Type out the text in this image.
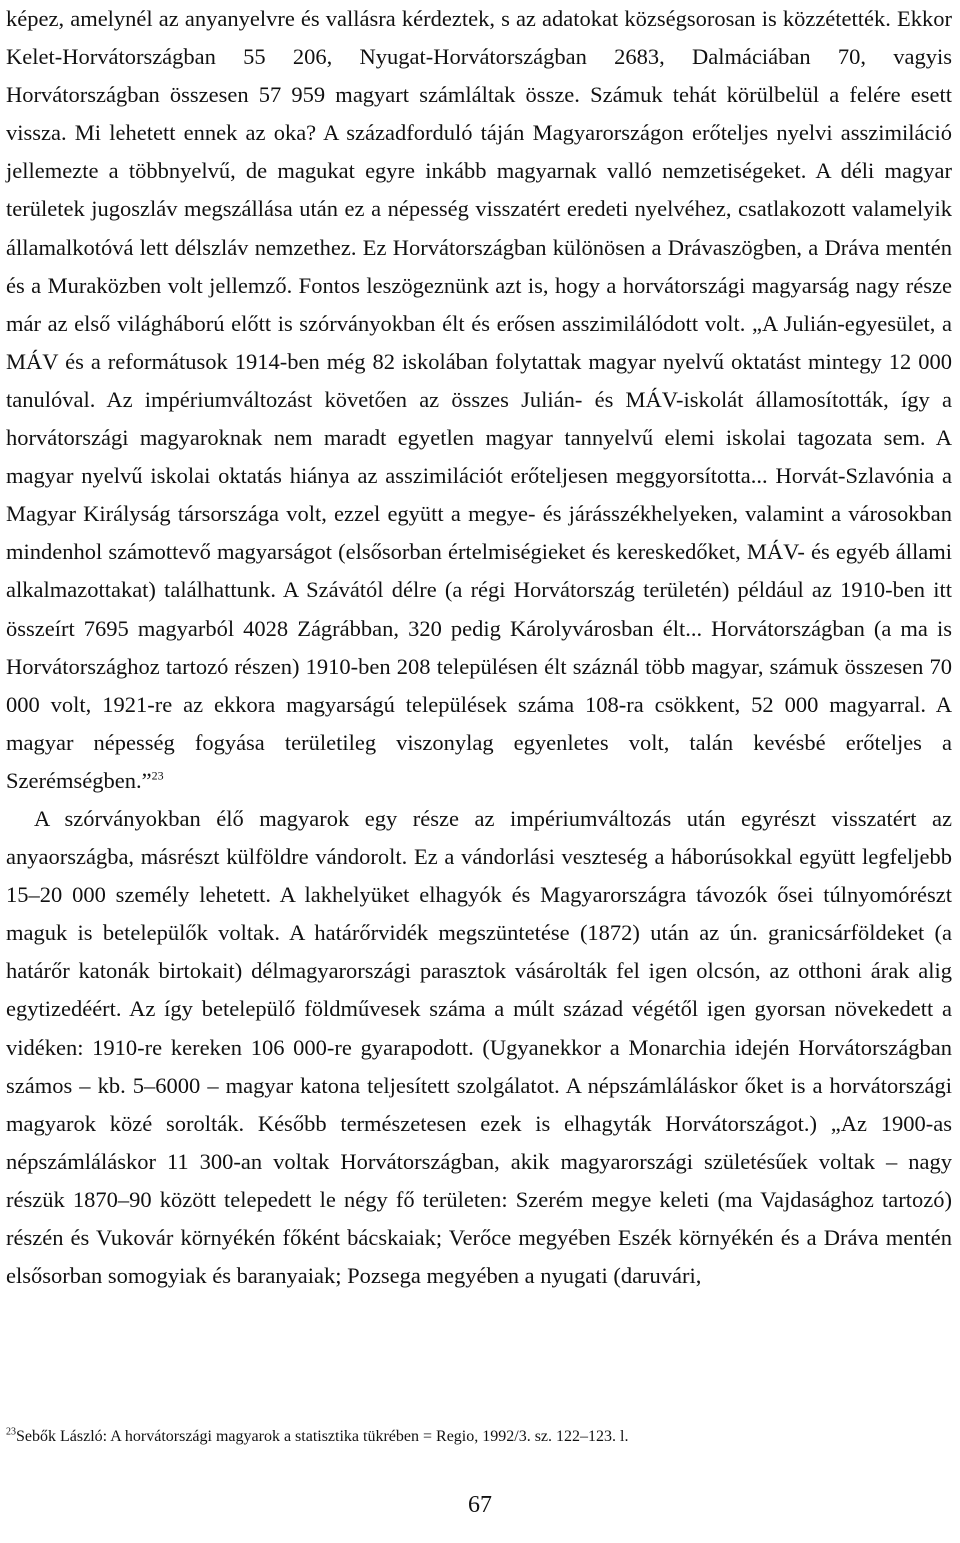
képez, amelynél az anyanyelvre és vallásra kérdeztek, s az adatokat községsorosan is közzétették. Ekkor Kelet-Horvátországban 55 206, Nyugat-Horvátországban 2683, Dalmáciában 70, vagyis Horvátországban összesen 57 959 magyart számláltak össze. Számuk tehát körülbelül a felére esett vissza. Mi lehetett ennek az oka? A századforduló táján Magyarországon erőteljes nyelvi asszimiláció jellemezte a többnyelvű, de magukat egyre inkább magyarnak valló nemzetiségeket. A déli magyar területek jugoszláv megszállása után ez a népesség visszatért eredeti nyelvéhez, csatlakozott valamelyik államalkotóvá lett délszláv nemzethez. Ez Horvátországban különösen a Drávaszögben, a Dráva mentén és a Muraközben volt jellemző. Fontos leszögeznünk azt is, hogy a horvátországi magyarság nagy része már az első világháború előtt is szórványokban élt és erősen asszimilálódott volt. „A Julián-egyesület, a MÁV és a reformátusok 1914-ben még 82 iskolában folytattak magyar nyelvű oktatást mintegy 12 000 tanulóval. Az impériumváltozást követően az összes Julián- és MÁV-iskolát államosították, így a horvátországi magyaroknak nem maradt egyetlen magyar tannyelvű elemi iskolai tagozata sem. A magyar nyelvű iskolai oktatás hiánya az asszimilációt erőteljesen meggyorsította... Horvát-Szlavónia a Magyar Királyság társországa volt, ezzel együtt a megye- és járásszékhelyeken, valamint a városokban mindenhol számottevő magyarságot (elsősorban értelmiségieket és kereskedőket, MÁV- és egyéb állami alkalmazottakat) találhattunk. A Szávától délre (a régi Horvátország területén) például az 1910-ben itt összeírt 7695 magyarból 4028 Zágrábban, 320 pedig Károlyvárosban élt... Horvátországban (a ma is Horvátországhoz tartozó részen) 1910-ben 208 településen élt száznál több magyar, számuk összesen 70 000 volt, 1921-re az ekkora magyarságú települések száma 108-ra csökkent, 52 000 magyarral. A magyar népesség fogyása területileg viszonylag egyenletes volt, talán kevésbé erőteljes a Szerémségben.”$^{23}$

A szórványokban élő magyarok egy része az impériumváltozás után egyrészt visszatért az anyaországba, másrészt külföldre vándorolt. Ez a vándorlási veszteség a háborúsokkal együtt legfeljebb 15–20 000 személy lehetett. A lakhelyüket elhagyók és Magyarországra távozók ősei túlnyomórészt maguk is betelepülők voltak. A határőrvidék megszüntetése (1872) után az ún. granicsárföldeket (a határőr katonák birtokait) délmagyarországi parasztok vásárolták fel igen olcsón, az otthoni árak alig egytizedéért. Az így betelepülő földművesek száma a múlt század végétől igen gyorsan növekedett a vidéken: 1910-re kereken 106 000-re gyarapodott. (Ugyanekkor a Monarchia idején Horvátországban számos – kb. 5–6000 – magyar katona teljesített szolgálatot. A népszámláláskor őket is a horvátországi magyarok közé sorolták. Később természetesen ezek is elhagyták Horvátországot.) „Az 1900-as népszámláláskor 11 300-an voltak Horvátországban, akik magyarországi születésűek voltak – nagy részük 1870–90 között telepedett le négy fő területen: Szerém megye keleti (ma Vajdasághoz tartozó) részén és Vukovár környékén főként bácskaiak; Verőce megyében Eszék környékén és a Dráva mentén elsősorban somogyiak és baranyaiak; Pozsega megyében a nyugati (daruvári,

$^{23}$Sebők László: A horvátországi magyarok a statisztika tükrében = Regio, 1992/3. sz. 122–123. l.
67
